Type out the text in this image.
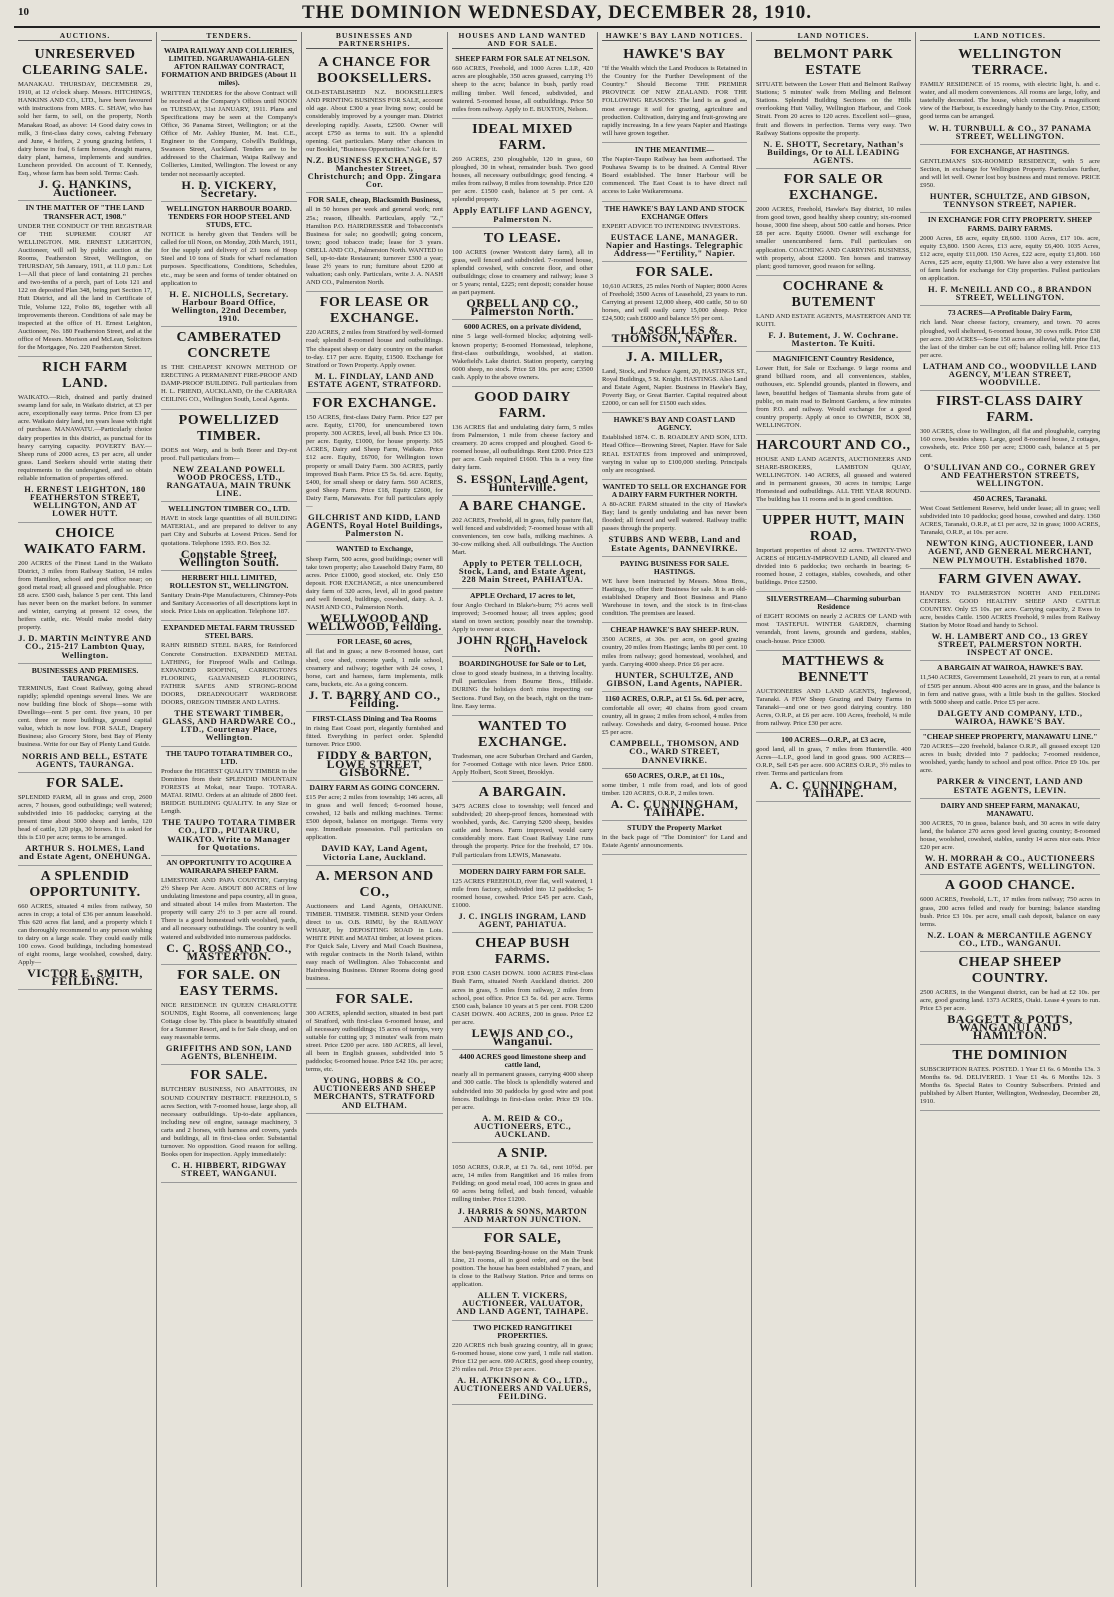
10	THE DOMINION WEDNESDAY, DECEMBER 28, 1910.
AUCTIONS.
UNRESERVED CLEARING SALE.

MANAKAU. THURSDAY, DECEMBER 29, 1910, at 12 o'clock sharp. Messrs. HITCHINGS, HANKINS AND CO., LTD., have been favoured with instructions from MRS. C. SHAW, who has sold her farm, to sell, on the property, North Manakau Road, as above: 14 Good dairy cows in milk, 3 first-class dairy cows, calving February and June, 4 heifers, 2 young grazing heifers, 1 dairy horse in foal, 6 farm horses, draught mares, dairy plant, harness, implements and sundries. Luncheon provided. On account of T. Kennedy, Esq., whose farm has been sold. Terms: Cash.

J. G. HANKINS, Auctioneer.
IN THE MATTER OF "THE LAND TRANSFER ACT, 1908."

UNDER THE CONDUCT OF THE REGISTRAR OF THE SUPREME COURT AT WELLINGTON. MR. ERNEST LEIGHTON, Auctioneer, will sell by public auction at the Rooms, Featherston Street, Wellington, on THURSDAY, 5th January, 1911, at 11.0 p.m.: Lot 1—All that piece of land containing 21 perches and two-tenths of a perch, part of Lots 121 and 122 on deposited Plan 348, being part Section 17, Hutt District, and all the land in Certificate of Title, Volume 122, Folio 86, together with all improvements thereon. Conditions of sale may be inspected at the office of H. Ernest Leighton, Auctioneer, No. 180 Featherston Street, and at the office of Messrs. Morison and McLean, Solicitors for the Mortgagee, No. 220 Featherston Street.

RICH FARM LAND.

WAIKATO.—Rich, drained and partly drained swamp land for sale, in Waikato district, at £3 per acre, exceptionally easy terms. Price from £3 per acre. Waikato dairy land, ten years lease with right of purchase. MANAWATU.—Particularly choice dairy properties in this district, as punctual for its heavy carrying capacity. POVERTY BAY.—Sheep runs of 2000 acres, £3 per acre, all under grass. Land Seekers should write stating their requirements to the undersigned, and so obtain reliable information of properties offered.

H. ERNEST LEIGHTON, 180 FEATHERSTON STREET, WELLINGTON, AND AT LOWER HUTT.
CHOICE WAIKATO FARM.

200 ACRES of the Finest Land in the Waikato District, 3 miles from Railway Station, 14 miles from Hamilton, school and post office near; on good metal road; all grassed and ploughable. Price £8 acre. £500 cash, balance 5 per cent. This land has never been on the market before. In summer and winter, carrying at present 12 cows, the heifers cattle, etc. Would make model dairy property.

J. D. MARTIN McINTYRE AND CO., 215-217 Lambton Quay, Wellington.
BUSINESSES AND PREMISES. TAURANGA.

TERMINUS, East Coast Railway, going ahead rapidly; splendid openings several lines. We are now building fine block of Shops—some with Dwellings—rent 5 per cent. five years, 10 per cent. three or more buildings, ground capital value, which is now low. FOR SALE, Drapery Business; also Grocery Store, best Bay of Plenty business. Write for our Bay of Plenty Land Guide.

NORRIS AND BELL, ESTATE AGENTS, TAURANGA.
FOR SALE.

SPLENDID FARM, all in grass and crop, 2600 acres, 7 houses, good outbuildings; well watered; subdivided into 16 paddocks; carrying at the present time about 3000 sheep and lambs, 120 head of cattle, 120 pigs, 30 horses. It is asked for this is £10 per acre; terms to be arranged.

ARTHUR S. HOLMES, Land and Estate Agent, ONEHUNGA.
A SPLENDID OPPORTUNITY.

660 ACRES, situated 4 miles from railway, 50 acres in crop; a total of £36 per annum leasehold. This 620 acres flat land, and a property which I can thoroughly recommend to any person wishing to dairy on a large scale. They could easily milk 100 cows. Good buildings, including homestead of eight rooms, large woolshed, cowshed, dairy. Apply—

VICTOR E. SMITH, FEILDING.
TENDERS.
WAIPA RAILWAY AND COLLIERIES, LIMITED. NGARUAWAHIA-GLEN AFTON RAILWAY CONTRACT, FORMATION AND BRIDGES (About 11 miles).

WRITTEN TENDERS for the above Contract will be received at the Company's Offices until NOON on TUESDAY, 31st JANUARY, 1911. Plans and Specifications may be seen at the Company's Office, 36 Panama Street, Wellington; or at the Office of Mr. Ashley Hunter, M. Inst. C.E., Engineer to the Company, Colwill's Buildings, Swanson Street, Auckland. Tenders are to be addressed to the Chairman, Waipa Railway and Collieries, Limited, Wellington. The lowest or any tender not necessarily accepted.

H. D. VICKERY, Secretary.
WELLINGTON HARBOUR BOARD. TENDERS FOR HOOP STEEL AND STUDS, ETC.

NOTICE is hereby given that Tenders will be called for till Noon, on Monday, 20th March, 1911, for the supply and delivery of 23 tons of Hoop Steel and 10 tons of Studs for wharf reclamation purposes. Specifications, Conditions, Schedules, etc., may be seen and forms of tender obtained on application to

H. E. NICHOLLS, Secretary. Harbour Board Office, Wellington, 22nd December, 1910.
CAMBERATED CONCRETE

IS THE CHEAPEST KNOWN METHOD OF ERECTING A PERMANENT FIRE-PROOF AND DAMP-PROOF BUILDING. Full particulars from H. L. FRIEND, AUCKLAND, Or the CARRARA CEILING CO., Wellington South, Local Agents.

POWELLIZED TIMBER.

DOES not Warp, and is both Borer and Dry-rot proof. Full particulars from—

NEW ZEALAND POWELL WOOD PROCESS, LTD., RANGATAUA, MAIN TRUNK LINE.
WELLINGTON TIMBER CO., LTD.

HAVE in stock large quantities of all BUILDING MATERIAL, and are prepared to deliver to any part City and Suburbs at Lowest Prices. Send for quotations. Telephone 1593. P.O. Box 32.

Constable Street, Wellington South.
HERBERT HILL LIMITED, ROLLESTON ST., WELLINGTON.

Sanitary Drain-Pipe Manufacturers, Chimney-Pots and Sanitary Accessories of all descriptions kept in stock. Price Lists on application. Telephone 187.

EXPANDED METAL FARM TRUSSED STEEL BARS.

RAHN RIBBED STEEL BARS, for Reinforced Concrete Construction. EXPANDED METAL LATHING, for Fireproof Walls and Ceilings. EXPANDED ROOFING, CARRINGTON'S FLOORING, GALVANISED FLOORING, FATHER SAFES AND STRONG-ROOM DOORS, DREADNOUGHT WARDROBE DOORS, OREGON TIMBER AND LATHS.

THE STEWART TIMBER, GLASS, AND HARDWARE CO., LTD., Courtenay Place, Wellington.
THE TAUPO TOTARA TIMBER CO., LTD.

Produce the HIGHEST QUALITY TIMBER in the Dominion from their SPLENDID MOUNTAIN FORESTS at Mokai, near Taupo. TOTARA. MATAI. RIMU. Orders at an altitude of 2800 feet. BRIDGE BUILDING QUALITY. In any Size or Length.

THE TAUPO TOTARA TIMBER CO., LTD., PUTARURU, WAIKATO. Write to Manager for Quotations.
AN OPPORTUNITY TO ACQUIRE A WAIRARAPA SHEEP FARM.

LIMESTONE AND PAPA COUNTRY, Carrying 2½ Sheep Per Acre. ABOUT 800 ACRES of low undulating limestone and papa country, all in grass, and situated about 14 miles from Masterton. The property will carry 2½ to 3 per acre all round. There is a good homestead with woolshed, yards, and all necessary outbuildings. The country is well watered and subdivided into numerous paddocks.

C. C. ROSS AND CO., MASTERTON.
FOR SALE. ON EASY TERMS.

NICE RESIDENCE IN QUEEN CHARLOTTE SOUNDS, Eight Rooms, all conveniences; large Cottage close by. This place is beautifully situated for a Summer Resort, and is for Sale cheap, and on easy reasonable terms.

GRIFFITHS AND SON, LAND AGENTS, BLENHEIM.
FOR SALE.

BUTCHERY BUSINESS, NO ABATTOIRS, IN SOUND COUNTRY DISTRICT. FREEHOLD, 5 acres Section, with 7-roomed house, large shop, all necessary outbuildings. Up-to-date appliances, including new oil engine, sausage machinery, 3 carts and 2 horses, with harness and covers, yards and buildings, all in first-class order. Substantial turnover. No opposition. Good reason for selling. Books open for inspection. Apply immediately:

C. H. HIBBERT, RIDGWAY STREET, WANGANUI.
BUSINESSES AND PARTNERSHIPS.
A CHANCE FOR BOOKSELLERS.

OLD-ESTABLISHED N.Z. BOOKSELLER'S AND PRINTING BUSINESS FOR SALE, account old age. About £300 a year living now; could be considerably improved by a younger man. District developing rapidly. Assets, £2500. Owner will accept £750 as terms to suit. It's a splendid opening. Get particulars. Many other chances in our Booklet, "Business Opportunities." Ask for it.

N.Z. BUSINESS EXCHANGE, 57 Manchester Street, Christchurch; and Opp. Zingara Cor.
FOR SALE, cheap, Blacksmith Business,

all in 50 horses per week and general work; rent 25s.; reason, illhealth. Particulars, apply "Z.," Hamilton P.O. HAIRDRESSER and Tobacconist's Business for sale; no goodwill; going concern, town; good tobacco trade; lease for 3 years. OBELL AND CO., Palmerston North. WANTED to Sell, up-to-date Restaurant; turnover £300 a year; lease 2½ years to run; furniture about £200 at valuation; cash only. Particulars, write J. A. NASH AND CO., Palmerston North.

FOR LEASE OR EXCHANGE.

220 ACRES, 2 miles from Stratford by well-formed road; splendid 8-roomed house and outbuildings. The cheapest sheep or dairy country on the market to-day. £17 per acre. Equity, £1500. Exchange for Stratford or Town Property. Apply owner.

M. L. FINDLAY, LAND AND ESTATE AGENT, STRATFORD.
FOR EXCHANGE.

150 ACRES, first-class Dairy Farm. Price £27 per acre. Equity, £1700, for unencumbered town property. 300 ACRES, level, all bush. Price £3 10s. per acre. Equity, £1000, for house property. 365 ACRES, Dairy and Sheep Farm, Waikato. Price £12 acre. Equity, £6700, for Wellington town property or small Dairy Farm. 300 ACRES, partly improved Bush Farm. Price £5 5s. 6d. acre. Equity, £400, for small sheep or dairy farm. 560 ACRES, good Sheep Farm. Price £18, Equity £2600, for Dairy Farm, Manawatu. For full particulars apply—

GILCHRIST AND KIDD, LAND AGENTS, Royal Hotel Buildings, Palmerston N.
WANTED to Exchange,

Sheep Farm, 500 acres, good buildings; owner will take town property; also Leasehold Dairy Farm, 80 acres. Price £1000, good stocked, etc. Only £50 deposit. FOR EXCHANGE, a nice unencumbered dairy farm of 320 acres, level, all in good pasture and well fenced, buildings, cowshed, dairy. A. J. NASH AND CO., Palmerston North.

WELLWOOD AND WELLWOOD, Feilding.
FOR LEASE, 60 acres,

all flat and in grass; a new 8-roomed house, cart shed, cow shed, concrete yards, 1 mile school, creamery and railway; together with 24 cows, 1 horse, cart and harness, farm implements, milk cans, buckets, etc. As a going concern.

J. T. BARRY AND CO., Feilding.
FIRST-CLASS Dining and Tea Rooms

in rising East Coast port, elegantly furnished and fitted. Everything in perfect order. Splendid turnover. Price £900.

FIDDY & BARTON, LOWE STREET, GISBORNE.
DAIRY FARM AS GOING CONCERN.

£15 Per acre; 2 miles from township; 146 acres, all in grass and well fenced; 6-roomed house, cowshed, 12 bails and milking machines. Terms: £500 deposit, balance on mortgage. Terms very easy. Immediate possession. Full particulars on application.

DAVID KAY, Land Agent, Victoria Lane, Auckland.
A. MERSON AND CO.,

Auctioneers and Land Agents, OHAKUNE. TIMBER. TIMBER. TIMBER. SEND your Orders direct to us. O.B. RIMU, by the RAILWAY WHARF, by DEPOSITING ROAD in Lots. WHITE PINE and MATAI timber, at lowest prices. For Quick Sale, Livery and Mail Coach Business, with regular contracts in the North Island, within easy reach of Wellington. Also Tobacconist and Hairdressing Business. Dinner Rooms doing good business.

FOR SALE.

300 ACRES, splendid section, situated in best part of Stratford, with first-class 6-roomed house, and all necessary outbuildings; 15 acres of turnips, very suitable for cutting up; 3 minutes' walk from main street. Price £200 per acre. 180 ACRES, all level, all been in English grasses, subdivided into 5 paddocks; 6-roomed house. Price £42 10s. per acre; terms, etc.

YOUNG, HOBBS & CO., AUCTIONEERS AND SHEEP MERCHANTS, STRATFORD AND ELTHAM.
HOUSES AND LAND WANTED AND FOR SALE.
SHEEP FARM FOR SALE AT NELSON.

660 ACRES, Freehold, and 1000 Acres L.I.P., 420 acres are ploughable, 350 acres grassed, carrying 1½ sheep to the acre; balance in bush, partly road milling timber. Well fenced, subdivided, and watered. 5-roomed house, all outbuildings. Price 50 miles from railway. Apply to E. BUXTON, Nelson.

IDEAL MIXED FARM.

269 ACRES, 230 ploughable, 120 in grass, 60 ploughed, 30 in wheat, remainder bush. Two good houses, all necessary outbuildings; good fencing. 4 miles from railway, 8 miles from township. Price £20 per acre. £1500 cash, balance at 5 per cent. A splendid property.

Apply EATLIFF LAND AGENCY, Palmerston N.
TO LEASE.

100 ACRES (owner Westcott dairy farm), all in grass, well fenced and subdivided. 7-roomed house, splendid cowshed, with concrete floor, and other outbuildings; close to creamery and railway; lease 3 or 5 years; rental, £225; rent deposit; consider house as part payment.

ORBELL AND CO., Palmerston North.
6000 ACRES, on a private dividend,

nine 5 large well-formed blocks; adjoining well-known property; 8-roomed Homestead, telephone, first-class outbuildings, woolshed, at station. Wakefield's Lake district. Station property, carrying 6000 sheep, no stock. Price £8 10s. per acre; £3500 cash. Apply to the above owners.

GOOD DAIRY FARM.

136 ACRES flat and undulating dairy farm, 5 miles from Palmerston, 1 mile from cheese factory and creamery. 20 acres cropped and ploughed. Good 6-roomed house, all outbuildings. Rent £200. Price £23 per acre. Cash required £1600. This is a very fine dairy farm.

S. ESSON, Land Agent, Hunterville.
A BARE CHANGE.

202 ACRES, Freehold, all in grass, fully pasture flat, well fenced and subdivided; 7-roomed house with all conveniences, ten cow bails, milking machines. A 30-cow milking shed. All outbuildings. The Auction Mart.

Apply to PETER TELLOCH, Stock, Land, and Estate Agent, 228 Main Street, PAHIATUA.
APPLE Orchard, 17 acres to let,

four Anglo Orchard in Blake's-burn; 7½ acres well improved; 3-roomed house; all trees apples; good stand on town section; possibly near the township. Apply to owner at once.

JOHN RICH, Havelock North.
BOARDINGHOUSE for Sale or to Let,

close to good steady business, in a thriving locality. Full particulars from Bourne Bros., Hillside. DURING the holidays don't miss inspecting our Sections. Fund Bay, on the beach, right on the tram-line. Easy terms.

WANTED TO EXCHANGE.

Tradesman, one acre Suburban Orchard and Garden, for 7-roomed Cottage with nice lawn. Price £800. Apply Holbert, Scott Street, Brooklyn.

A BARGAIN.

3475 ACRES close to township; well fenced and subdivided; 20 sheep-proof fences, homestead with woolshed, yards, &c. Carrying 5200 sheep, besides cattle and horses. Farm improved, would carry considerably more. East Coast Railway Line runs through the property. Price for the freehold, £7 10s. Full particulars from LEWIS, Manawatu.

MODERN DAIRY FARM FOR SALE.

125 ACRES FREEHOLD, river flat, well watered, 1 mile from factory, subdivided into 12 paddocks; 5-roomed house, cowshed. Price £45 per acre. Cash, £1000.

J. C. INGLIS INGRAM, LAND AGENT, PAHIATUA.
CHEAP BUSH FARMS.

FOR £300 CASH DOWN. 1000 ACRES First-class Bush Farm, situated North Auckland district. 200 acres in grass, 5 miles from railway, 2 miles from school, post office. Price £3 5s. 6d. per acre. Terms £500 cash, balance 10 years at 5 per cent. FOR £200 CASH DOWN. 400 ACRES, 200 in grass. Price £2 per acre.

LEWIS AND CO., Wanganui.
4400 ACRES good limestone sheep and cattle land,

nearly all in permanent grasses, carrying 4000 sheep and 300 cattle. The block is splendidly watered and subdivided into 30 paddocks by good wire and post fences. Buildings in first-class order. Price £9 10s. per acre.

A. M. REID & CO., AUCTIONEERS, ETC., AUCKLAND.
A SNIP.

1050 ACRES, O.R.P., at £1 7s. 6d., rent 10½d. per acre, 14 miles from Rangitikei and 16 miles from Feilding; on good metal road, 100 acres in grass and 60 acres being felled, and bush fenced, valuable milling timber. Price £1200.

J. HARRIS & SONS, MARTON AND MARTON JUNCTION.
FOR SALE,

the best-paying Boarding-house on the Main Trunk Line, 21 rooms, all in good order, and on the best position. The house has been established 7 years, and is close to the Railway Station. Price and terms on application.

ALLEN T. VICKERS, AUCTIONEER, VALUATOR, AND LAND AGENT, TAIHAPE.
TWO PICKED RANGITIKEI PROPERTIES.

220 ACRES rich bush grazing country, all in grass; 6-roomed house, stone cow yard, 1 mile rail station. Price £12 per acre. 690 ACRES, good sheep country, 2½ miles rail. Price £9 per acre.

A. H. ATKINSON & CO., LTD., AUCTIONEERS AND VALUERS, FEILDING.
HAWKE'S BAY LAND NOTICES.
HAWKE'S BAY

"If the Wealth which the Land Produces is Retained in the Country for the Further Development of the Country." Should Become THE PREMIER PROVINCE OF NEW ZEALAND. FOR THE FOLLOWING REASONS: The land is as good as, most average it soil for grazing, agriculture and production. Cultivation, dairying and fruit-growing are rapidly increasing. In a few years Napier and Hastings will have grown together.

IN THE MEANTIME—

The Napier-Taupo Railway has been authorised. The Pouhawa Swamp is to be drained. A Central River Board established. The Inner Harbour will be commenced. The East Coast is to have direct rail access to Lake Waikaremoana.

THE HAWKE'S BAY LAND AND STOCK EXCHANGE Offers

EXPERT ADVICE TO INTENDING INVESTORS.

EUSTACE LANE, MANAGER. Napier and Hastings. Telegraphic Address—"Fertility," Napier.
FOR SALE.

10,610 ACRES, 25 miles North of Napier; 8000 Acres of Freehold; 3500 Acres of Leasehold, 23 years to run. Carrying at present 12,000 sheep, 400 cattle, 50 to 60 horses, and will easily carry 15,000 sheep. Price £24,500; cash £6000 and balance 5½ per cent.

LASCELLES & THOMSON, NAPIER.
J. A. MILLER,

Land, Stock, and Produce Agent, 20, HASTINGS ST., Royal Buildings, 5 St. Knight. HASTINGS. Also Land and Estate Agent, Napier. Business in Hawke's Bay, Poverty Bay, or Great Barrier. Capital required about £2000, or can sell for £1500 each sides.

HAWKE'S BAY AND COAST LAND AGENCY.

Established 1874. C. B. ROADLEY AND SON, LTD. Head Office—Browning Street, Napier. Have for Sale REAL ESTATES from improved and unimproved, varying in value up to £100,000 sterling. Principals only are recognised.

WANTED TO SELL OR EXCHANGE FOR A DAIRY FARM FURTHER NORTH.

A 80-ACRE FARM situated in the city of Hawke's Bay; land is gently undulating and has never been flooded; all fenced and well watered. Railway traffic passes through the property.

STUBBS AND WEBB, Land and Estate Agents, DANNEVIRKE.
PAYING BUSINESS FOR SALE. HASTINGS.

WE have been instructed by Messrs. Moss Bros., Hastings, to offer their Business for sale. It is an old-established Drapery and Boot Business and Piano Warehouse in town, and the stock is in first-class condition. The premises are leased.

CHEAP HAWKE'S BAY SHEEP-RUN.

3500 ACRES, at 30s. per acre, on good grazing country, 20 miles from Hastings; lambs 80 per cent. 10 miles from railway; good homestead, woolshed, and yards. Carrying 4000 sheep. Price £6 per acre.

HUNTER, SCHULTZE, AND GIBSON, Land Agents, NAPIER.
1160 ACRES, O.R.P., at £1 5s. 6d. per acre,

comfortable all over; 40 chains from good cream country, all in grass; 2 miles from school, 4 miles from railway. Cowsheds and dairy, 6-roomed house. Price £5 per acre.

CAMPBELL, THOMSON, AND CO., WARD STREET, DANNEVIRKE.
650 ACRES, O.R.P., at £1 10s.,

some timber, 1 mile from road, and lots of good timber. 120 ACRES, O.R.P., 2 miles town.

A. C. CUNNINGHAM, TAIHAPE.
STUDY the Property Market

in the back page of "The Dominion" for Land and Estate Agents' announcements.

LAND NOTICES.
BELMONT PARK ESTATE

SITUATE between the Lower Hutt and Belmont Railway Stations; 5 minutes' walk from Melling and Belmont Stations. Splendid Building Sections on the Hills overlooking Hutt Valley, Wellington Harbour, and Cook Strait. From 20 acres to 120 acres. Excellent soil—grass, fruit and flowers in perfection. Terms very easy. Two Railway Stations opposite the property.

N. E. SHOTT, Secretary, Nathan's Buildings, Or to ALL LEADING AGENTS.
FOR SALE OR EXCHANGE.

2000 ACRES, Freehold, Hawke's Bay district, 10 miles from good town, good healthy sheep country; six-roomed house, 3000 fine sheep, about 500 cattle and horses. Price £8 per acre. Equity £6000. Owner will exchange for smaller unencumbered farm. Full particulars on application. COACHING AND CARRYING BUSINESS, with property, about £2000. Ten horses and tramway plant; good turnover, good reason for selling.

COCHRANE & BUTEMENT

LAND AND ESTATE AGENTS, MASTERTON AND TE KUITI.

F. J. Butement, J. W. Cochrane. Masterton. Te Kuiti.
MAGNIFICENT Country Residence,

Lower Hutt, for Sale or Exchange. 9 large rooms and grand billiard room, and all conveniences, stables, outhouses, etc. Splendid grounds, planted in flowers, and lawn, beautiful hedges of Tasmania shrubs from gate of public, on main road to Belmont Gardens, a few minutes from P.O. and railway. Would exchange for a good country property. Apply at once to OWNER, BOX 38, WELLINGTON.

HARCOURT AND CO.,

HOUSE AND LAND AGENTS, AUCTIONEERS AND SHARE-BROKERS, LAMBTON QUAY, WELLINGTON. 140 ACRES, all grassed and watered and in permanent grasses, 30 acres in turnips; Large Homestead and outbuildings. ALL THE YEAR ROUND. The building has 11 rooms and is in good condition.

UPPER HUTT, MAIN ROAD,

Important properties of about 12 acres. TWENTY-TWO ACRES of HIGHLY-IMPROVED LAND, all cleared and divided into 6 paddocks; two orchards in bearing; 6-roomed house, 2 cottages, stables, cowsheds, and other buildings. Price £2500.

SILVERSTREAM—Charming suburban Residence

of EIGHT ROOMS on nearly 2 ACRES OF LAND with most TASTEFUL WINTER GARDEN, charming verandah, front lawns, grounds and gardens, stables, coach-house. Price £3000.

MATTHEWS & BENNETT

AUCTIONEERS AND LAND AGENTS, Inglewood, Taranaki. A FEW Sheep Grazing and Dairy Farms in Taranaki—and one or two good dairying country. 180 Acres, O.R.P., at £6 per acre. 100 Acres, freehold, ¼ mile from railway. Price £30 per acre.

100 ACRES—O.R.P., at £3 acre,

good land, all in grass, 7 miles from Hunterville. 400 Acres—L.I.P., good land in good grass. 900 ACRES—O.R.P., Sell £45 per acre. 600 ACRES O.R.P., 3½ miles to river. Terms and particulars from

A. C. CUNNINGHAM, TAIHAPE.
LAND NOTICES.
WELLINGTON TERRACE.

FAMILY RESIDENCE of 15 rooms, with electric light, h. and c. water, and all modern conveniences. All rooms are large, lofty, and tastefully decorated. The house, which commands a magnificent view of the Harbour, is exceedingly handy to the City. Price, £3500; good terms can be arranged.

W. H. TURNBULL & CO., 37 PANAMA STREET, WELLINGTON.
FOR EXCHANGE, AT HASTINGS.

GENTLEMAN'S SIX-ROOMED RESIDENCE, with 5 acre Section, in exchange for Wellington Property. Particulars further, and will let well. Owner lost boy business and must remove. PRICE £950.

HUNTER, SCHULTZE, AND GIBSON, TENNYSON STREET, NAPIER.
IN EXCHANGE FOR CITY PROPERTY. SHEEP FARMS. DAIRY FARMS.

2000 Acres, £8 acre, equity £8,600. 1100 Acres, £17 10s. acre, equity £3,800. 1500 Acres, £13 acre, equity £6,400. 1035 Acres, £12 acre, equity £11,000. 150 Acres, £22 acre, equity £1,800. 160 Acres, £25 acre, equity £1,900. We have also a very extensive list of farm lands for exchange for City properties. Fullest particulars on application.

H. F. McNEILL AND CO., 8 BRANDON STREET, WELLINGTON.
73 ACRES—A Profitable Dairy Farm,

rich land. Near cheese factory, creamery, and town. 70 acres ploughed, well sheltered, 6-roomed house, 30 cows milk. Price £38 per acre. 200 ACRES—Some 150 acres are alluvial, white pine flat, the last of the timber can be cut off; balance rolling hill. Price £13 per acre.

LATHAM AND CO., WOODVILLE LAND AGENCY, M'LEAN STREET, WOODVILLE.
FIRST-CLASS DAIRY FARM.

300 ACRES, close to Wellington, all flat and ploughable, carrying 160 cows, besides sheep. Large, good 8-roomed house, 2 cottages, cowsheds, etc. Price £60 per acre; £3000 cash, balance at 5 per cent.

O'SULLIVAN AND CO., CORNER GREY AND FEATHERSTON STREETS, WELLINGTON.
450 ACRES, Taranaki.

West Coast Settlement Reserve, held under lease; all in grass; well subdivided into 10 paddocks; good house, cowshed and dairy. 1360 ACRES, Taranaki, O.R.P., at £1 per acre, 32 in grass; 1000 ACRES, Taranaki, O.R.P., at 10s. per acre.

NEWTON KING, AUCTIONEER, LAND AGENT, AND GENERAL MERCHANT, NEW PLYMOUTH. Established 1870.
FARM GIVEN AWAY.

HANDY TO PALMERSTON NORTH AND FEILDING CENTRES. GOOD HEALTHY SHEEP AND CATTLE COUNTRY. Only £5 10s. per acre. Carrying capacity, 2 Ewes to acre, besides Cattle. 1500 ACRES Freehold, 9 miles from Railway Station by Motor Road and handy to School.

W. H. LAMBERT AND CO., 13 GREY STREET, PALMERSTON NORTH. INSPECT AT ONCE.
A BARGAIN AT WAIROA, HAWKE'S BAY.

11,540 ACRES, Government Leasehold, 21 years to run, at a rental of £505 per annum. About 400 acres are in grass, and the balance is in fern and native grass, with a little bush in the gullies. Stocked with 5000 sheep and cattle. Price £5 per acre.

DALGETY AND COMPANY, LTD., WAIROA, HAWKE'S BAY.
"CHEAP SHEEP PROPERTY, MANAWATU LINE."

720 ACRES—220 freehold, balance O.R.P., all grassed except 120 acres in bush; divided into 7 paddocks; 7-roomed residence, woolshed, yards; handy to school and post office. Price £9 10s. per acre.

PARKER & VINCENT, LAND AND ESTATE AGENTS, LEVIN.
DAIRY AND SHEEP FARM, MANAKAU, MANAWATU.

300 ACRES, 70 in grass, balance bush, and 30 acres in wife dairy land, the balance 270 acres good level grazing country; 8-roomed house, woolshed, cowshed, stables, sundry 14 acres nice oats. Price £20 per acre.

W. H. MORRAH & CO., AUCTIONEERS AND ESTATE AGENTS, WELLINGTON.
A GOOD CHANCE.

6000 ACRES, Freehold, L.T., 17 miles from railway; 750 acres in grass, 200 acres felled and ready for burning; balance standing bush. Price £3 10s. per acre, small cash deposit, balance on easy terms.

N.Z. LOAN & MERCANTILE AGENCY CO., LTD., WANGANUI.
CHEAP SHEEP COUNTRY.

2500 ACRES, in the Wanganui district, can be had at £2 10s. per acre, good grazing land. 1373 ACRES, Otaki. Lease 4 years to run. Price £3 per acre.

BAGGETT & POTTS, WANGANUI AND HAMILTON.
THE DOMINION

SUBSCRIPTION RATES. POSTED. 1 Year £1 6s. 6 Months 13s. 3 Months 6s. 9d. DELIVERED. 1 Year £1 4s. 6 Months 12s. 3 Months 6s. Special Rates to Country Subscribers. Printed and published by Albert Hunter, Wellington, Wednesday, December 28, 1910.
